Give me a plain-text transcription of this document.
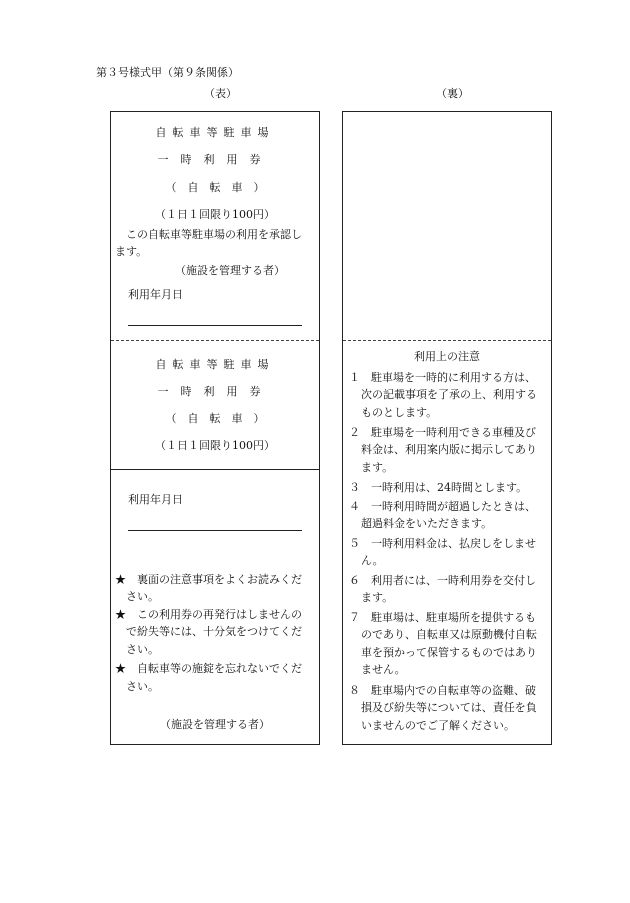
第３号様式甲（第９条関係）
（表）	（裏）
自転車等駐車場
一時利用券
（　自　転　車　）
（１日１回限り100円）
　この自転車等駐車場の利用を承認し
ます。
（施設を管理する者）
利用年月日
自転車等駐車場
一時利用券
（　自　転　車　）
（１日１回限り100円）
利用年月日
★　裏面の注意事項をよくお読みくだ
さい。
★　この利用券の再発行はしませんの
で紛失等には、十分気をつけてくだ
さい。
★　自転車等の施錠を忘れないでくだ
さい。
（施設を管理する者）
利用上の注意
１　駐車場を一時的に利用する方は、
次の記載事項を了承の上、利用する
ものとします。
２　駐車場を一時利用できる車種及び
料金は、利用案内版に掲示してあり
ます。
３　一時利用は、24時間とします。
４　一時利用時間が超過したときは、
超過料金をいただきます。
５　一時利用料金は、払戻しをしませ
ん。
６　利用者には、一時利用券を交付し
ます。
７　駐車場は、駐車場所を提供するも
のであり、自転車又は原動機付自転
車を預かって保管するものではあり
ません。
８　駐車場内での自転車等の盗難、破
損及び紛失等については、責任を負
いませんのでご了解ください。
